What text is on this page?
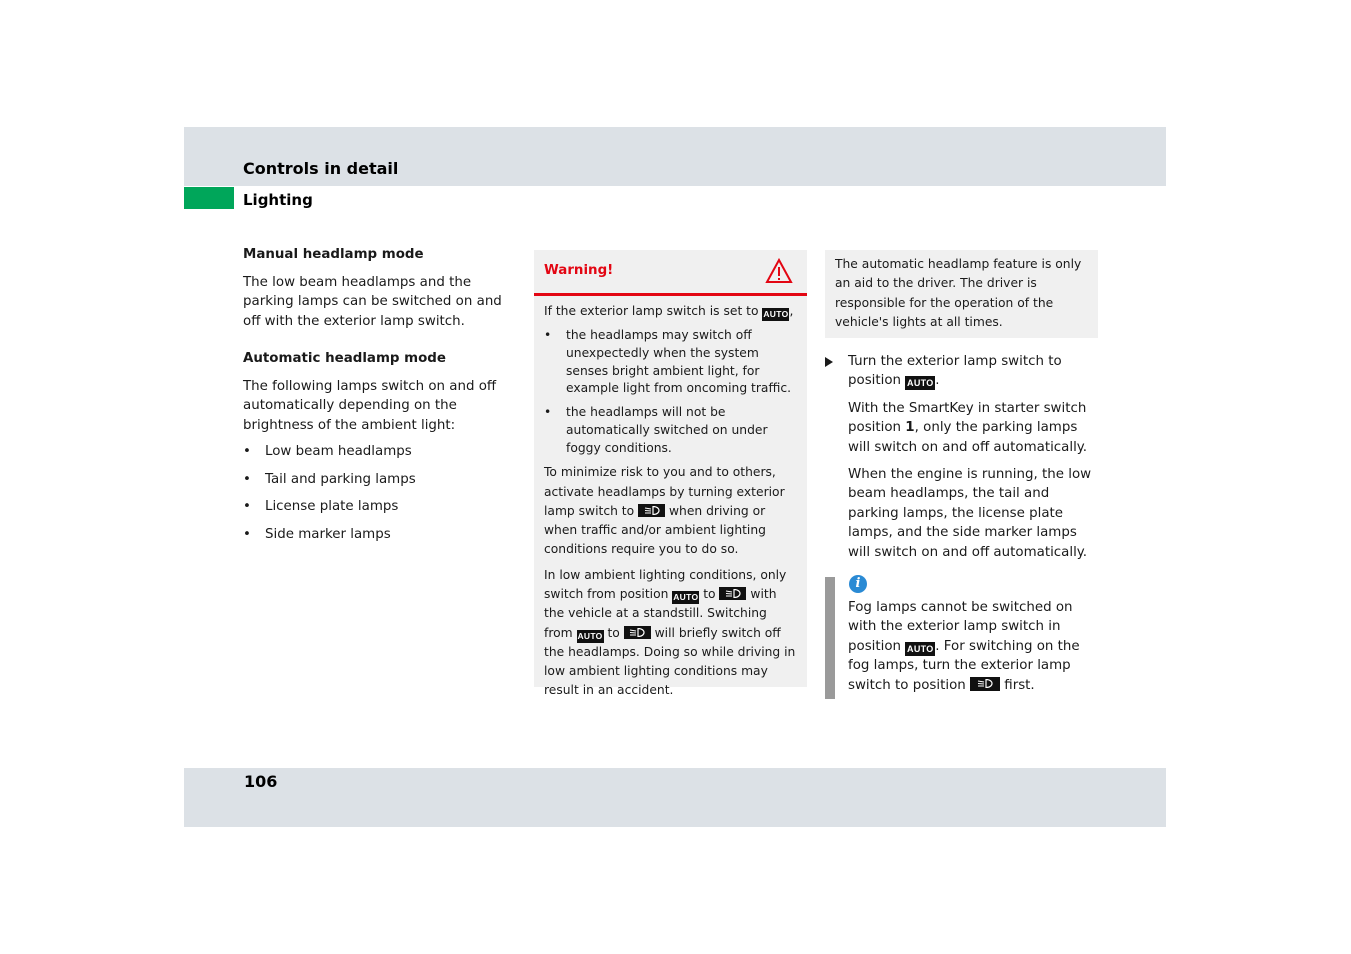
Controls in detail
Lighting
Manual headlamp mode

The low beam headlamps and the parking lamps can be switched on and off with the exterior lamp switch.

Automatic headlamp mode

The following lamps switch on and off automatically depending on the brightness of the ambient light:

• Low beam headlamps
• Tail and parking lamps
• License plate lamps
• Side marker lamps
Warning!

If the exterior lamp switch is set to AUTO,

• the headlamps may switch off unexpectedly when the system senses bright ambient light, for example light from oncoming traffic.
• the headlamps will not be automatically switched on under foggy conditions.

To minimize risk to you and to others, activate headlamps by turning exterior lamp switch to
when driving or when traffic and/or ambient lighting conditions require you to do so.

In low ambient lighting conditions, only switch from position AUTO to
with the vehicle at a standstill. Switching from AUTO to
will briefly switch off the headlamps. Doing so while driving in low ambient lighting conditions may result in an accident.

The automatic headlamp feature is only an aid to the driver. The driver is responsible for the operation of the vehicle's lights at all times.

Turn the exterior lamp switch to position AUTO .

With the SmartKey in starter switch position 1, only the parking lamps will switch on and off automatically.

When the engine is running, the low beam headlamps, the tail and parking lamps, the license plate lamps, and the side marker lamps will switch on and off automatically.

i

Fog lamps cannot be switched on with the exterior lamp switch in position AUTO . For switching on the fog lamps, turn the exterior lamp switch to position
first.

106
